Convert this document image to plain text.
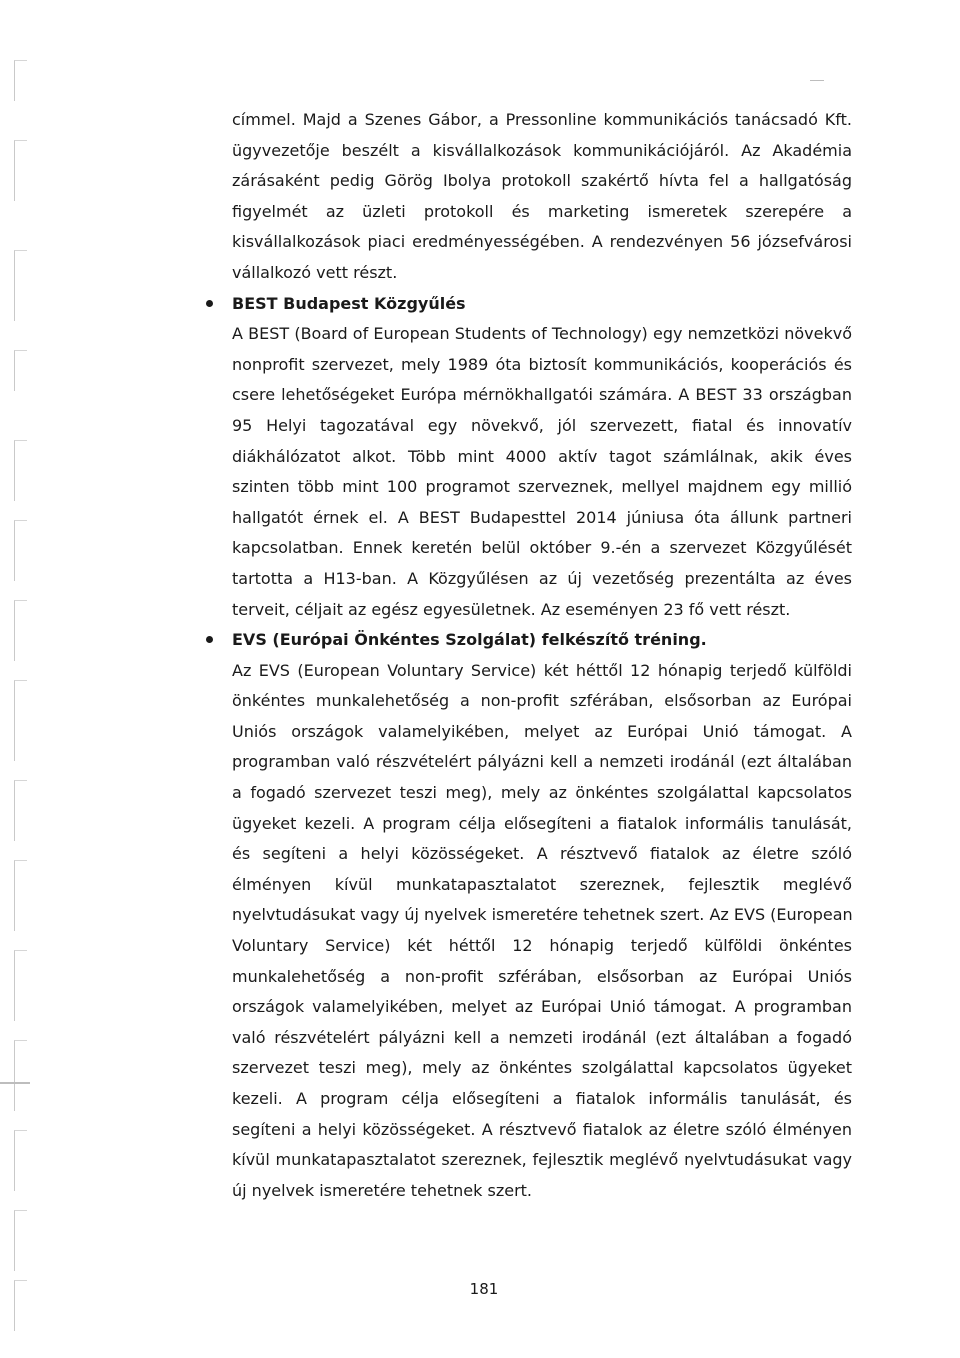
címmel. Majd a Szenes Gábor, a Pressonline kommunikációs tanácsadó Kft.
ügyvezetője beszélt a kisvállalkozások kommunikációjáról. Az Akadémia
zárásaként pedig Görög Ibolya protokoll szakértő hívta fel a hallgatóság
figyelmét az üzleti protokoll és marketing ismeretek szerepére a
kisvállalkozások piaci eredményességében. A rendezvényen 56 józsefvárosi
vállalkozó vett részt.
BEST Budapest Közgyűlés
A BEST (Board of European Students of Technology) egy nemzetközi növekvő
nonprofit szervezet, mely 1989 óta biztosít kommunikációs, kooperációs és
csere lehetőségeket Európa mérnökhallgatói számára. A BEST 33 országban
95 Helyi tagozatával egy növekvő, jól szervezett, fiatal és innovatív
diákhálózatot alkot. Több mint 4000 aktív tagot számlálnak, akik éves
szinten több mint 100 programot szerveznek, mellyel majdnem egy millió
hallgatót érnek el. A BEST Budapesttel 2014 júniusa óta állunk partneri
kapcsolatban. Ennek keretén belül október 9.-én a szervezet Közgyűlését
tartotta a H13-ban. A Közgyűlésen az új vezetőség prezentálta az éves
terveit, céljait az egész egyesületnek. Az eseményen 23 fő vett részt.
EVS (Európai Önkéntes Szolgálat) felkészítő tréning.
Az EVS (European Voluntary Service) két héttől 12 hónapig terjedő külföldi
önkéntes munkalehetőség a non-profit szférában, elsősorban az Európai
Uniós országok valamelyikében, melyet az Európai Unió támogat. A
programban való részvételért pályázni kell a nemzeti irodánál (ezt általában
a fogadó szervezet teszi meg), mely az önkéntes szolgálattal kapcsolatos
ügyeket kezeli. A program célja elősegíteni a fiatalok informális tanulását,
és segíteni a helyi közösségeket. A résztvevő fiatalok az életre szóló
élményen kívül munkatapasztalatot szereznek, fejlesztik meglévő
nyelvtudásukat vagy új nyelvek ismeretére tehetnek szert. Az EVS (European
Voluntary Service) két héttől 12 hónapig terjedő külföldi önkéntes
munkalehetőség a non-profit szférában, elsősorban az Európai Uniós
országok valamelyikében, melyet az Európai Unió támogat. A programban
való részvételért pályázni kell a nemzeti irodánál (ezt általában a fogadó
szervezet teszi meg), mely az önkéntes szolgálattal kapcsolatos ügyeket
kezeli. A program célja elősegíteni a fiatalok informális tanulását, és
segíteni a helyi közösségeket. A résztvevő fiatalok az életre szóló élményen
kívül munkatapasztalatot szereznek, fejlesztik meglévő nyelvtudásukat vagy
új nyelvek ismeretére tehetnek szert.
181
